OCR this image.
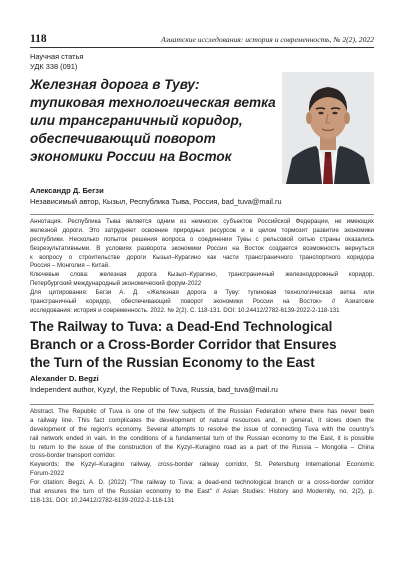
118	Азиатские исследования: история и современность, № 2(2), 2022
Научная статья
УДК 338 (091)
Железная дорога в Туву:
тупиковая технологическая ветка
или трансграничный коридор,
обеспечивающий поворот
экономики России на Восток
Александр Д. Бегзи
Независимый автор, Кызыл, Республика Тыва, Россия, bad_tuva@mail.ru
Аннотация. Республика Тыва является одним из немногих субъектов Российской Федерации, не имеющих
железной дороги. Это затрудняет освоение природных ресурсов и в целом тормозит развитие экономики
республики. Несколько попыток решения вопроса о соединении Тувы с рельсовой сетью страны оказались
безрезультативными. В условиях разворота экономики России на Восток создается возможность вернуться
к вопросу о строительстве дороги Кызыл–Курагино как части трансграничного транспортного коридора
Россия – Монголия – Китай.
Ключевые слова: железная дорога Кызыл–Курагино, трансграничный железнодорожный коридор,
Петербургский международный экономический форум-2022
Для цитирования: Бегзи А. Д. «Железная дорога в Туву: тупиковая технологическая ветка или
трансграничный коридор, обеспечивающий поворот экономики России на Восток» // Азиатские
исследования: история и современность. 2022. № 2(2). С. 118-131. DOI: 10.24412/2782-6139-2022-2-118-131
The Railway to Tuva: a Dead-End Technological
Branch or a Cross-Border Corridor that Ensures
the Turn of the Russian Economy to the East
Alexander D. Begzi
Independent author, Kyzyl, the Republic of Tuva, Russia, bad_tuva@mail.ru
Abstract. The Republic of Tuva is one of the few subjects of the Russian Federation where there has never been
a railway line. This fact complicates the development of natural resources and, in general, it slows down the
development of the region's economy. Several attempts to resolve the issue of connecting Tuva with the country's
rail network ended in vain. In the conditions of a fundamental turn of the Russian economy to the East, it is possible
to return to the issue of the construction of the Kyzyl–Kuragino road as a part of the Russia – Mongolia – China
cross-border transport corridor.
Keywords: the Kyzyl–Kuragino railway, cross-border railway corridor, St. Petersburg International Economic
Forum-2022
For citation: Begzi, A. D. (2022) "The railway to Tuva: a dead-end technological branch or a cross-border corridor
that ensures the turn of the Russian economy to the East" // Asian Studies: History and Modernity, no. 2(2), p.
118-131. DOI: 10.24412/2782-6139-2022-2-118-131
